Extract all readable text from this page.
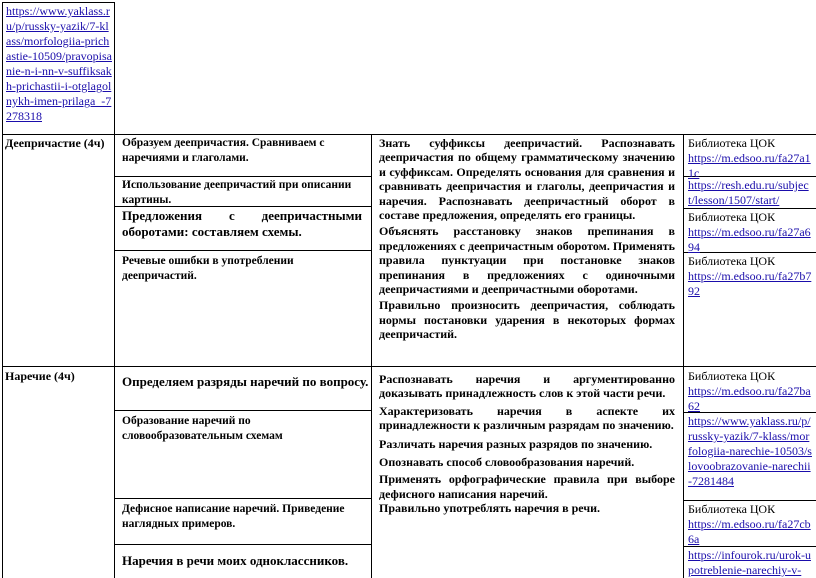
https://www.yaklass.ru/p/russky-yazik/7-klass/morfologiia-prichastie-10509/pravopisanie-n-i-nn-v-suffiksakh-prichastii-i-otglagolnykh-imen-prilaga_-7278318
Деепричастие (4ч)	Образуем деепричастия. Сравниваем с наречиями и глаголами.
Использование деепричастий при описании картины.
Предложения с деепричастными оборотами: составляем схемы.
Речевые ошибки в употреблении деепричастий.

Знать суффиксы деепричастий. Распознавать деепричастия по общему грамматическому значению и суффиксам. Определять основания для сравнения и сравнивать деепричастия и глаголы, деепричастия и наречия. Распознавать деепричастный оборот в составе предложения, определять его границы.

Объяснять расстановку знаков препинания в предложениях с деепричастным оборотом. Применять правила пунктуации при постановке знаков препинания в предложениях с одиночными деепричастиями и деепричастными оборотами.

Правильно произносить деепричастия, соблюдать нормы постановки ударения в некоторых формах деепричастий.

Библиотека ЦОК
https://m.edsoo.ru/fa27a11c
https://resh.edu.ru/subject/lesson/1507/start/
Библиотека ЦОК
https://m.edsoo.ru/fa27a694
Библиотека ЦОК
https://m.edsoo.ru/fa27b792
Наречие (4ч)	Определяем разряды наречий по вопросу.
Образование наречий по словообразовательным схемам
Дефисное написание наречий. Приведение наглядных примеров.
Наречия в речи моих одноклассников.

Распознавать наречия и аргументированно доказывать принадлежность слов к этой части речи.

Характеризовать наречия в аспекте их принадлежности к различным разрядам по значению.

Различать наречия разных разрядов по значению.

Опознавать способ словообразования наречий.

Применять орфографические правила при выборе дефисного написания наречий.

Правильно употреблять наречия в речи.

Библиотека ЦОК
https://m.edsoo.ru/fa27ba62
https://www.yaklass.ru/p/russky-yazik/7-klass/morfologiia-narechie-10503/slovoobrazovanie-narechii-7281484
Библиотека ЦОК
https://m.edsoo.ru/fa27cb6a
https://infourok.ru/urok-upotreblenie-narechiy-v-
